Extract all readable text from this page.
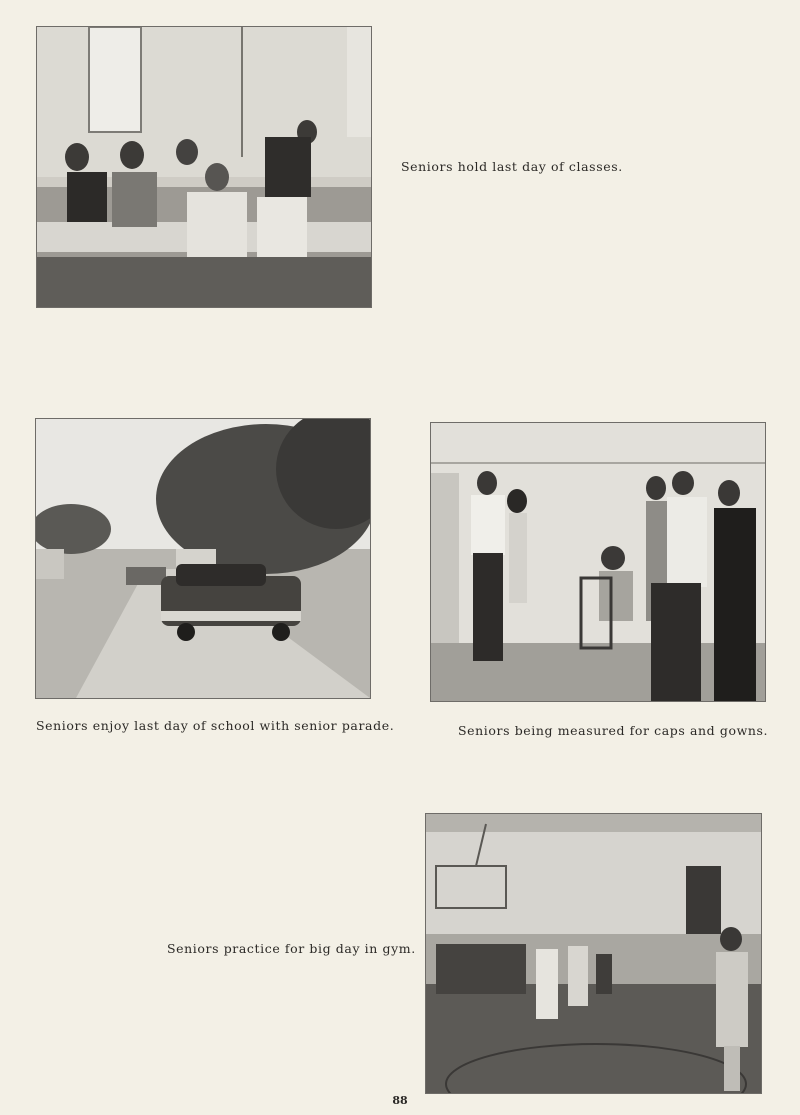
Seniors hold last day of classes.
Seniors enjoy last day of school with senior parade.	Seniors being measured for caps and gowns.
Seniors practice for big day in gym.
88
